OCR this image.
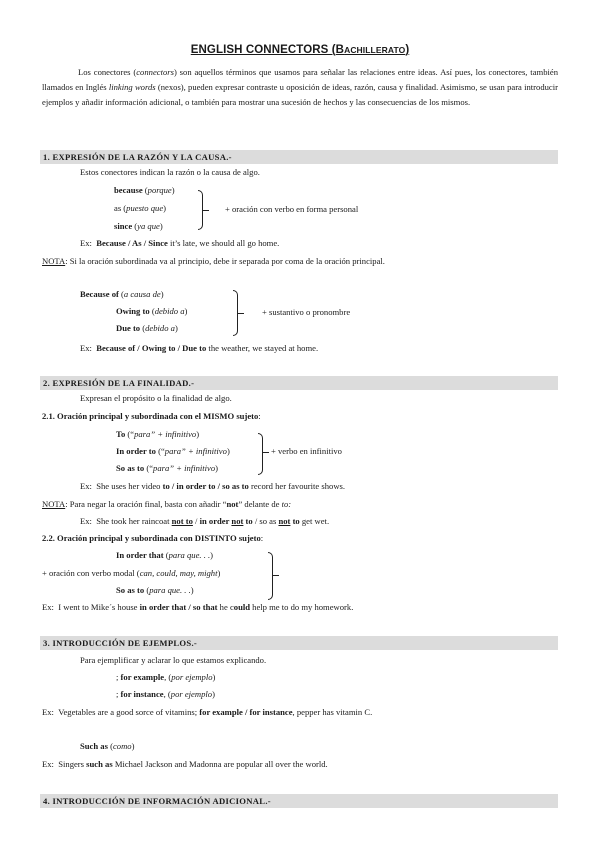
ENGLISH CONNECTORS (BACHILLERATO)
Los conectores (connectors) son aquellos términos que usamos para señalar las relaciones entre ideas. Así pues, los conectores, también llamados en Inglés linking words (nexos), pueden expresar contraste u oposición de ideas, razón, causa y finalidad. Asimismo, se usan para introducir ejemplos y añadir información adicional, o también para mostrar una sucesión de hechos y las consecuencias de los mismos.
1. EXPRESIÓN DE LA RAZÓN Y LA CAUSA.-
Estos conectores indican la razón o la causa de algo.
because (porque)
as (puesto que)
since (ya que)
+ oración con verbo en forma personal
Ex: Because / As / Since it’s late, we should all go home.
NOTA: Si la oración subordinada va al principio, debe ir separada por coma de la oración principal.
Because of (a causa de)
Owing to (debido a)
Due to (debido a)
+ sustantivo o pronombre
Ex: Because of / Owing to / Due to the weather, we stayed at home.
2. EXPRESIÓN DE LA FINALIDAD.-
Expresan el propósito o la finalidad de algo.
2.1. Oración principal y subordinada con el MISMO sujeto:
To (“para” + infinitivo)
In order to (“para” + infinitivo)
So as to (“para” + infinitivo)
+ verbo en infinitivo
Ex: She uses her video to / in order to / so as to record her favourite shows.
NOTA: Para negar la oración final, basta con añadir “not” delante de to:
Ex: She took her raincoat not to / in order not to / so as not to get wet.
2.2. Oración principal y subordinada con DISTINTO sujeto:
In order that (para que. . .)
+ oración con verbo modal (can, could, may, might)
So as to (para que. . .)
Ex: I went to Mike´s house in order that / so that he could help me to do my homework.
3. INTRODUCCIÓN DE EJEMPLOS.-
Para ejemplificar y aclarar lo que estamos explicando.
; for example, (por ejemplo)
; for instance, (por ejemplo)
Ex: Vegetables are a good sorce of vitamins; for example / for instance, pepper has vitamin C.
Such as (como)
Ex: Singers such as Michael Jackson and Madonna are popular all over the world.
4. INTRODUCCIÓN DE INFORMACIÓN ADICIONAL.-
